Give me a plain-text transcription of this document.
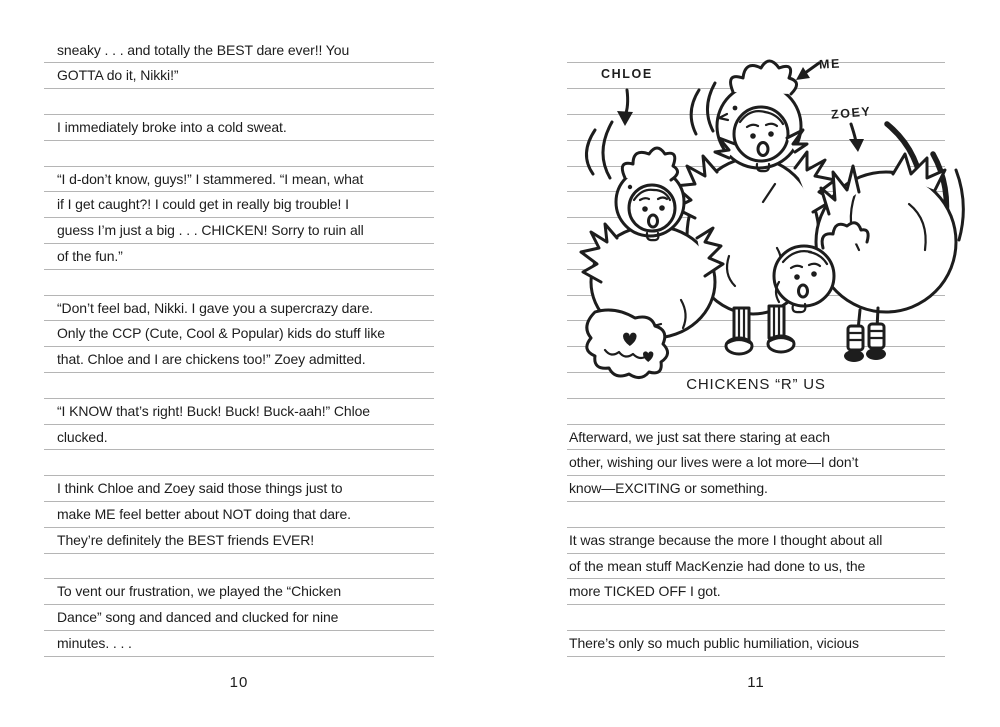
sneaky . . . and totally the BEST dare ever!! You
GOTTA do it, Nikki!”
I immediately broke into a cold sweat.
“I d-don’t know, guys!” I stammered. “I mean, what
if I get caught?! I could get in really big trouble! I
guess I’m just a big . . . CHICKEN! Sorry to ruin all
of the fun.”
“Don’t feel bad, Nikki. I gave you a supercrazy dare.
Only the CCP (Cute, Cool & Popular) kids do stuff like
that. Chloe and I are chickens too!” Zoey admitted.
“I KNOW that’s right! Buck! Buck! Buck-aah!” Chloe
clucked.
I think Chloe and Zoey said those things just to
make ME feel better about NOT doing that dare.
They’re definitely the BEST friends EVER!
To vent our frustration, we played the “Chicken
Dance” song and danced and clucked for nine
minutes. . . .
CHICKENS “R” US
Afterward, we just sat there staring at each
other, wishing our lives were a lot more—I don’t
know—EXCITING or something.
It was strange because the more I thought about all
of the mean stuff MacKenzie had done to us, the
more TICKED OFF I got.
There’s only so much public humiliation, vicious
10	11
CHLOE
ME
ZOEY
